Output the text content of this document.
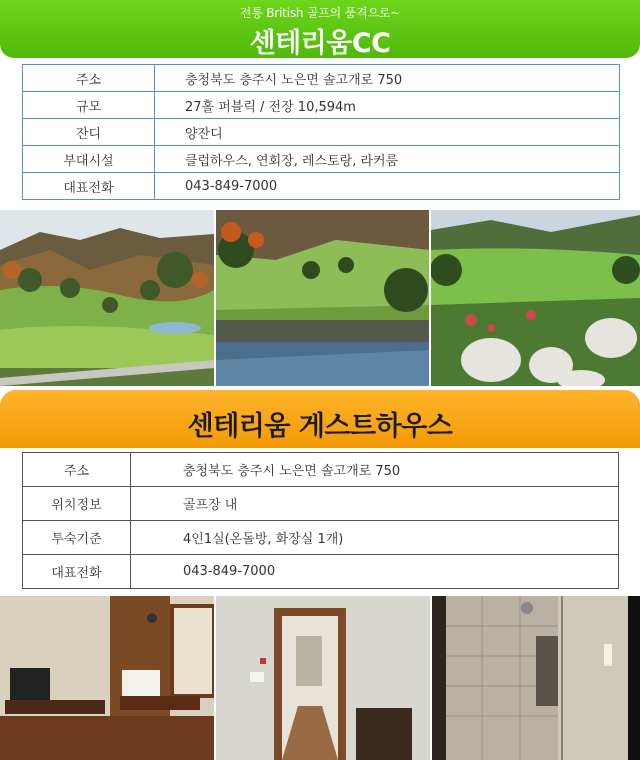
전통 British 골프의 품격으로~
센테리움CC
주소	충청북도 충주시 노은면 솔고개로 750
규모	27홀 퍼블릭 / 전장 10,594m
잔디	양잔디
부대시설	클럽하우스, 연회장, 레스토랑, 라커룸
대표전화	043-849-7000
센테리움 게스트하우스
주소	충청북도 충주시 노은면 솔고개로 750
위치정보	골프장 내
투숙기준	4인1실(온돌방, 화장실 1개)
대표전화	043-849-7000
